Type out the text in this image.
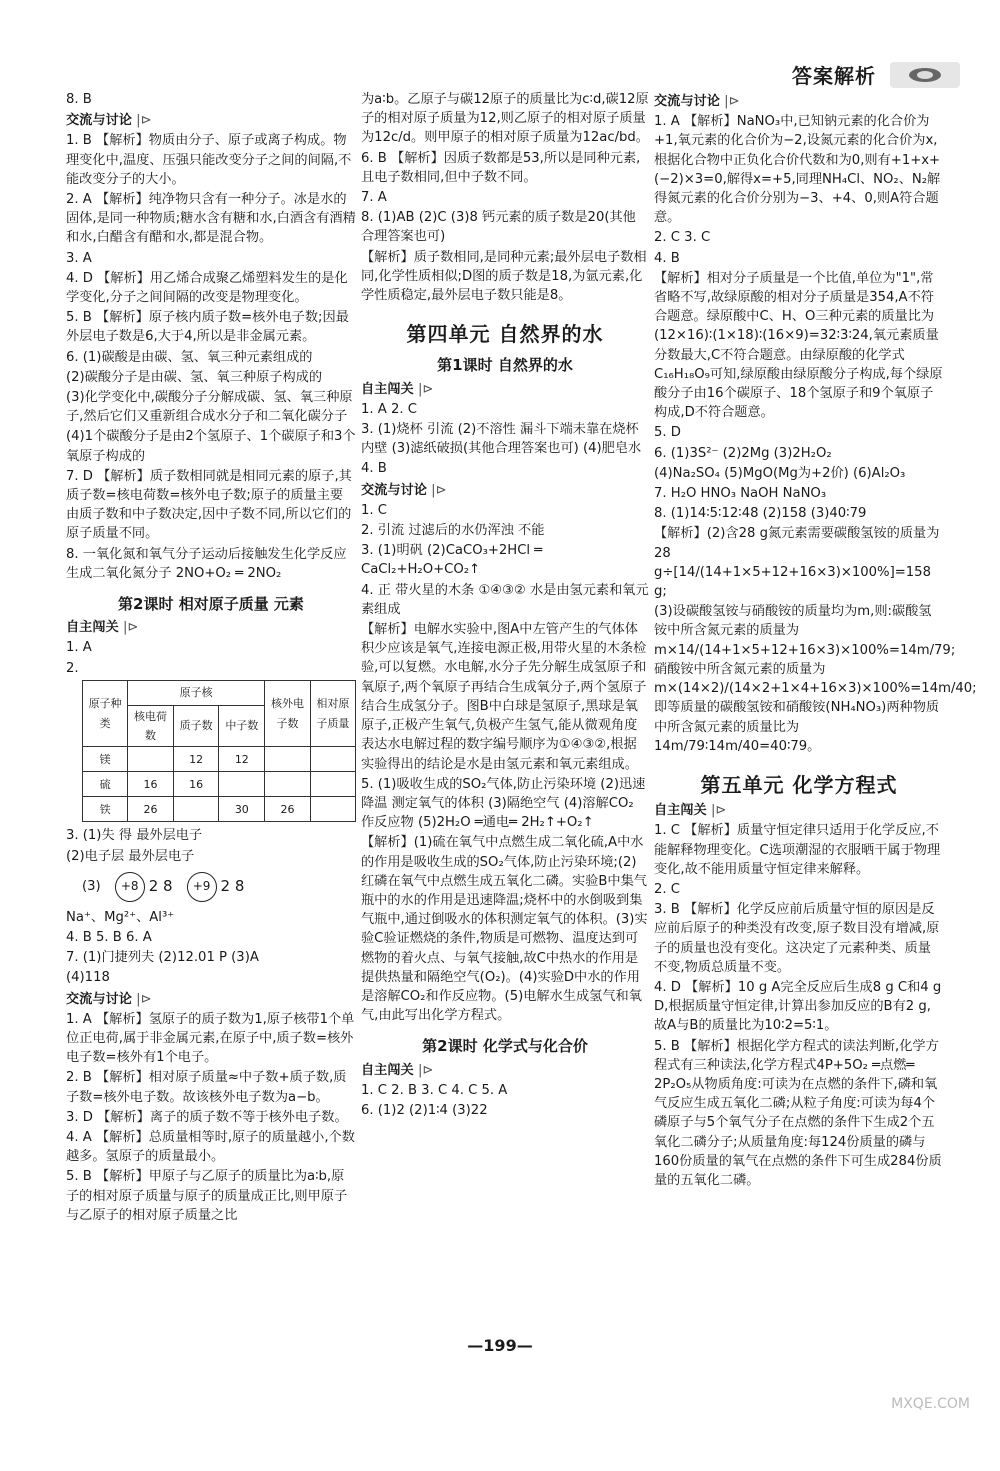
答案解析
8. B
交流与讨论 |⊳
1. B 【解析】物质由分子、原子或离子构成。物理变化中,温度、压强只能改变分子之间的间隔,不能改变分子的大小。
2. A 【解析】纯净物只含有一种分子。冰是水的固体,是同一种物质;糖水含有糖和水,白酒含有酒精和水,白醋含有醋和水,都是混合物。
3. A
4. D 【解析】用乙烯合成聚乙烯塑料发生的是化学变化,分子之间间隔的改变是物理变化。
5. B 【解析】原子核内质子数=核外电子数;因最外层电子数是6,大于4,所以是非金属元素。
6. (1)碳酸是由碳、氢、氧三种元素组成的
(2)碳酸分子是由碳、氢、氧三种原子构成的
(3)化学变化中,碳酸分子分解成碳、氢、氧三种原子,然后它们又重新组合成水分子和二氧化碳分子
(4)1个碳酸分子是由2个氢原子、1个碳原子和3个氧原子构成的
7. D 【解析】质子数相同就是相同元素的原子,其质子数=核电荷数=核外电子数;原子的质量主要由质子数和中子数决定,因中子数不同,所以它们的原子质量不同。
8. 一氧化氮和氧气分子运动后接触发生化学反应生成二氧化氮分子 2NO+O₂ ═ 2NO₂
第2课时 相对原子质量 元素
自主闯关 |⊳
1. A
2.
原子种类	原子核			核外电子数	相对原子质量
	核电荷数	质子数	中子数		
镁		12	12		
硫	16	16			
铁	26		30	26	
3. (1)失 得 最外层电子
(2)电子层 最外层电子
(3)	+8 2 8	+9 2 8
Na⁺、Mg²⁺、Al³⁺
4. B 5. B 6. A
7. (1)门捷列夫 (2)12.01 P (3)A
(4)118
交流与讨论 |⊳
1. A 【解析】氢原子的质子数为1,原子核带1个单位正电荷,属于非金属元素,在原子中,质子数=核外电子数=核外有1个电子。
2. B 【解析】相对原子质量≈中子数+质子数,质子数=核外电子数。故该核外电子数为a−b。
3. D 【解析】离子的质子数不等于核外电子数。
4. A 【解析】总质量相等时,原子的质量越小,个数越多。氢原子的质量最小。
5. B 【解析】甲原子与乙原子的质量比为a∶b,原子的相对原子质量与原子的质量成正比,则甲原子与乙原子的相对原子质量之比
为a∶b。乙原子与碳12原子的质量比为c∶d,碳12原子的相对原子质量为12,则乙原子的相对原子质量为12c/d。则甲原子的相对原子质量为12ac/bd。
6. B 【解析】因质子数都是53,所以是同种元素,且电子数相同,但中子数不同。
7. A
8. (1)AB (2)C (3)8 钙元素的质子数是20(其他合理答案也可)
【解析】质子数相同,是同种元素;最外层电子数相同,化学性质相似;D图的质子数是18,为氩元素,化学性质稳定,最外层电子数只能是8。
第四单元 自然界的水
第1课时 自然界的水
自主闯关 |⊳
1. A 2. C
3. (1)烧杯 引流 (2)不溶性 漏斗下端未靠在烧杯内壁 (3)滤纸破损(其他合理答案也可) (4)肥皂水
4. B
交流与讨论 |⊳
1. C
2. 引流 过滤后的水仍浑浊 不能
3. (1)明矾 (2)CaCO₃+2HCl ═ CaCl₂+H₂O+CO₂↑
4. 正 带火星的木条 ①④③② 水是由氢元素和氧元素组成
【解析】电解水实验中,图A中左管产生的气体体积少应该是氧气,连接电源正极,用带火星的木条检验,可以复燃。水电解,水分子先分解生成氢原子和氧原子,两个氧原子再结合生成氧分子,两个氢原子结合生成氢分子。图B中白球是氢原子,黑球是氧原子,正极产生氧气,负极产生氢气,能从微观角度表达水电解过程的数字编号顺序为①④③②,根据实验得出的结论是水是由氢元素和氧元素组成。
5. (1)吸收生成的SO₂气体,防止污染环境 (2)迅速降温 测定氧气的体积 (3)隔绝空气 (4)溶解CO₂ 作反应物 (5)2H₂O ═通电═ 2H₂↑+O₂↑
【解析】(1)硫在氧气中点燃生成二氧化硫,A中水的作用是吸收生成的SO₂气体,防止污染环境;(2)红磷在氧气中点燃生成五氧化二磷。实验B中集气瓶中的水的作用是迅速降温;烧杯中的水倒吸到集气瓶中,通过倒吸水的体积测定氧气的体积。(3)实验C验证燃烧的条件,物质是可燃物、温度达到可燃物的着火点、与氧气接触,故C中热水的作用是提供热量和隔绝空气(O₂)。(4)实验D中水的作用是溶解CO₂和作反应物。(5)电解水生成氢气和氧气,由此写出化学方程式。
第2课时 化学式与化合价
自主闯关 |⊳
1. C 2. B 3. C 4. C 5. A
6. (1)2 (2)1∶4 (3)22
交流与讨论 |⊳
1. A 【解析】NaNO₃中,已知钠元素的化合价为+1,氧元素的化合价为−2,设氮元素的化合价为x,根据化合物中正负化合价代数和为0,则有+1+x+(−2)×3=0,解得x=+5,同理NH₄Cl、NO₂、N₂解得氮元素的化合价分别为−3、+4、0,则A符合题意。
2. C 3. C
4. B
【解析】相对分子质量是一个比值,单位为"1",常省略不写,故绿原酸的相对分子质量是354,A不符合题意。绿原酸中C、H、O三种元素的质量比为(12×16)∶(1×18)∶(16×9)=32∶3∶24,氧元素质量分数最大,C不符合题意。由绿原酸的化学式C₁₆H₁₈O₉可知,绿原酸由绿原酸分子构成,每个绿原酸分子由16个碳原子、18个氢原子和9个氧原子构成,D不符合题意。
5. D
6. (1)3S²⁻ (2)2Mg (3)2H₂O₂
(4)Na₂SO₄ (5)MgO(Mg为+2价) (6)Al₂O₃
7. H₂O HNO₃ NaOH NaNO₃
8. (1)14∶5∶12∶48 (2)158 (3)40∶79
【解析】(2)含28 g氮元素需要碳酸氢铵的质量为28 g÷[14/(14+1×5+12+16×3)×100%]=158 g;
(3)设碳酸氢铵与硝酸铵的质量均为m,则:碳酸氢铵中所含氮元素的质量为m×14/(14+1×5+12+16×3)×100%=14m/79;硝酸铵中所含氮元素的质量为m×(14×2)/(14×2+1×4+16×3)×100%=14m/40;即等质量的碳酸氢铵和硝酸铵(NH₄NO₃)两种物质中所含氮元素的质量比为14m/79∶14m/40=40∶79。
第五单元 化学方程式
自主闯关 |⊳
1. C 【解析】质量守恒定律只适用于化学反应,不能解释物理变化。C选项潮湿的衣服晒干属于物理变化,故不能用质量守恒定律来解释。
2. C
3. B 【解析】化学反应前后质量守恒的原因是反应前后原子的种类没有改变,原子数目没有增减,原子的质量也没有变化。这决定了元素种类、质量不变,物质总质量不变。
4. D 【解析】10 g A完全反应后生成8 g C和4 g D,根据质量守恒定律,计算出参加反应的B有2 g,故A与B的质量比为10∶2=5∶1。
5. B 【解析】根据化学方程式的读法判断,化学方程式有三种读法,化学方程式4P+5O₂ ═点燃═ 2P₂O₅从物质角度:可读为在点燃的条件下,磷和氧气反应生成五氧化二磷;从粒子角度:可读为每4个磷原子与5个氧气分子在点燃的条件下生成2个五氧化二磷分子;从质量角度:每124份质量的磷与160份质量的氧气在点燃的条件下可生成284份质量的五氧化二磷。
—199—
MXQE.COM
